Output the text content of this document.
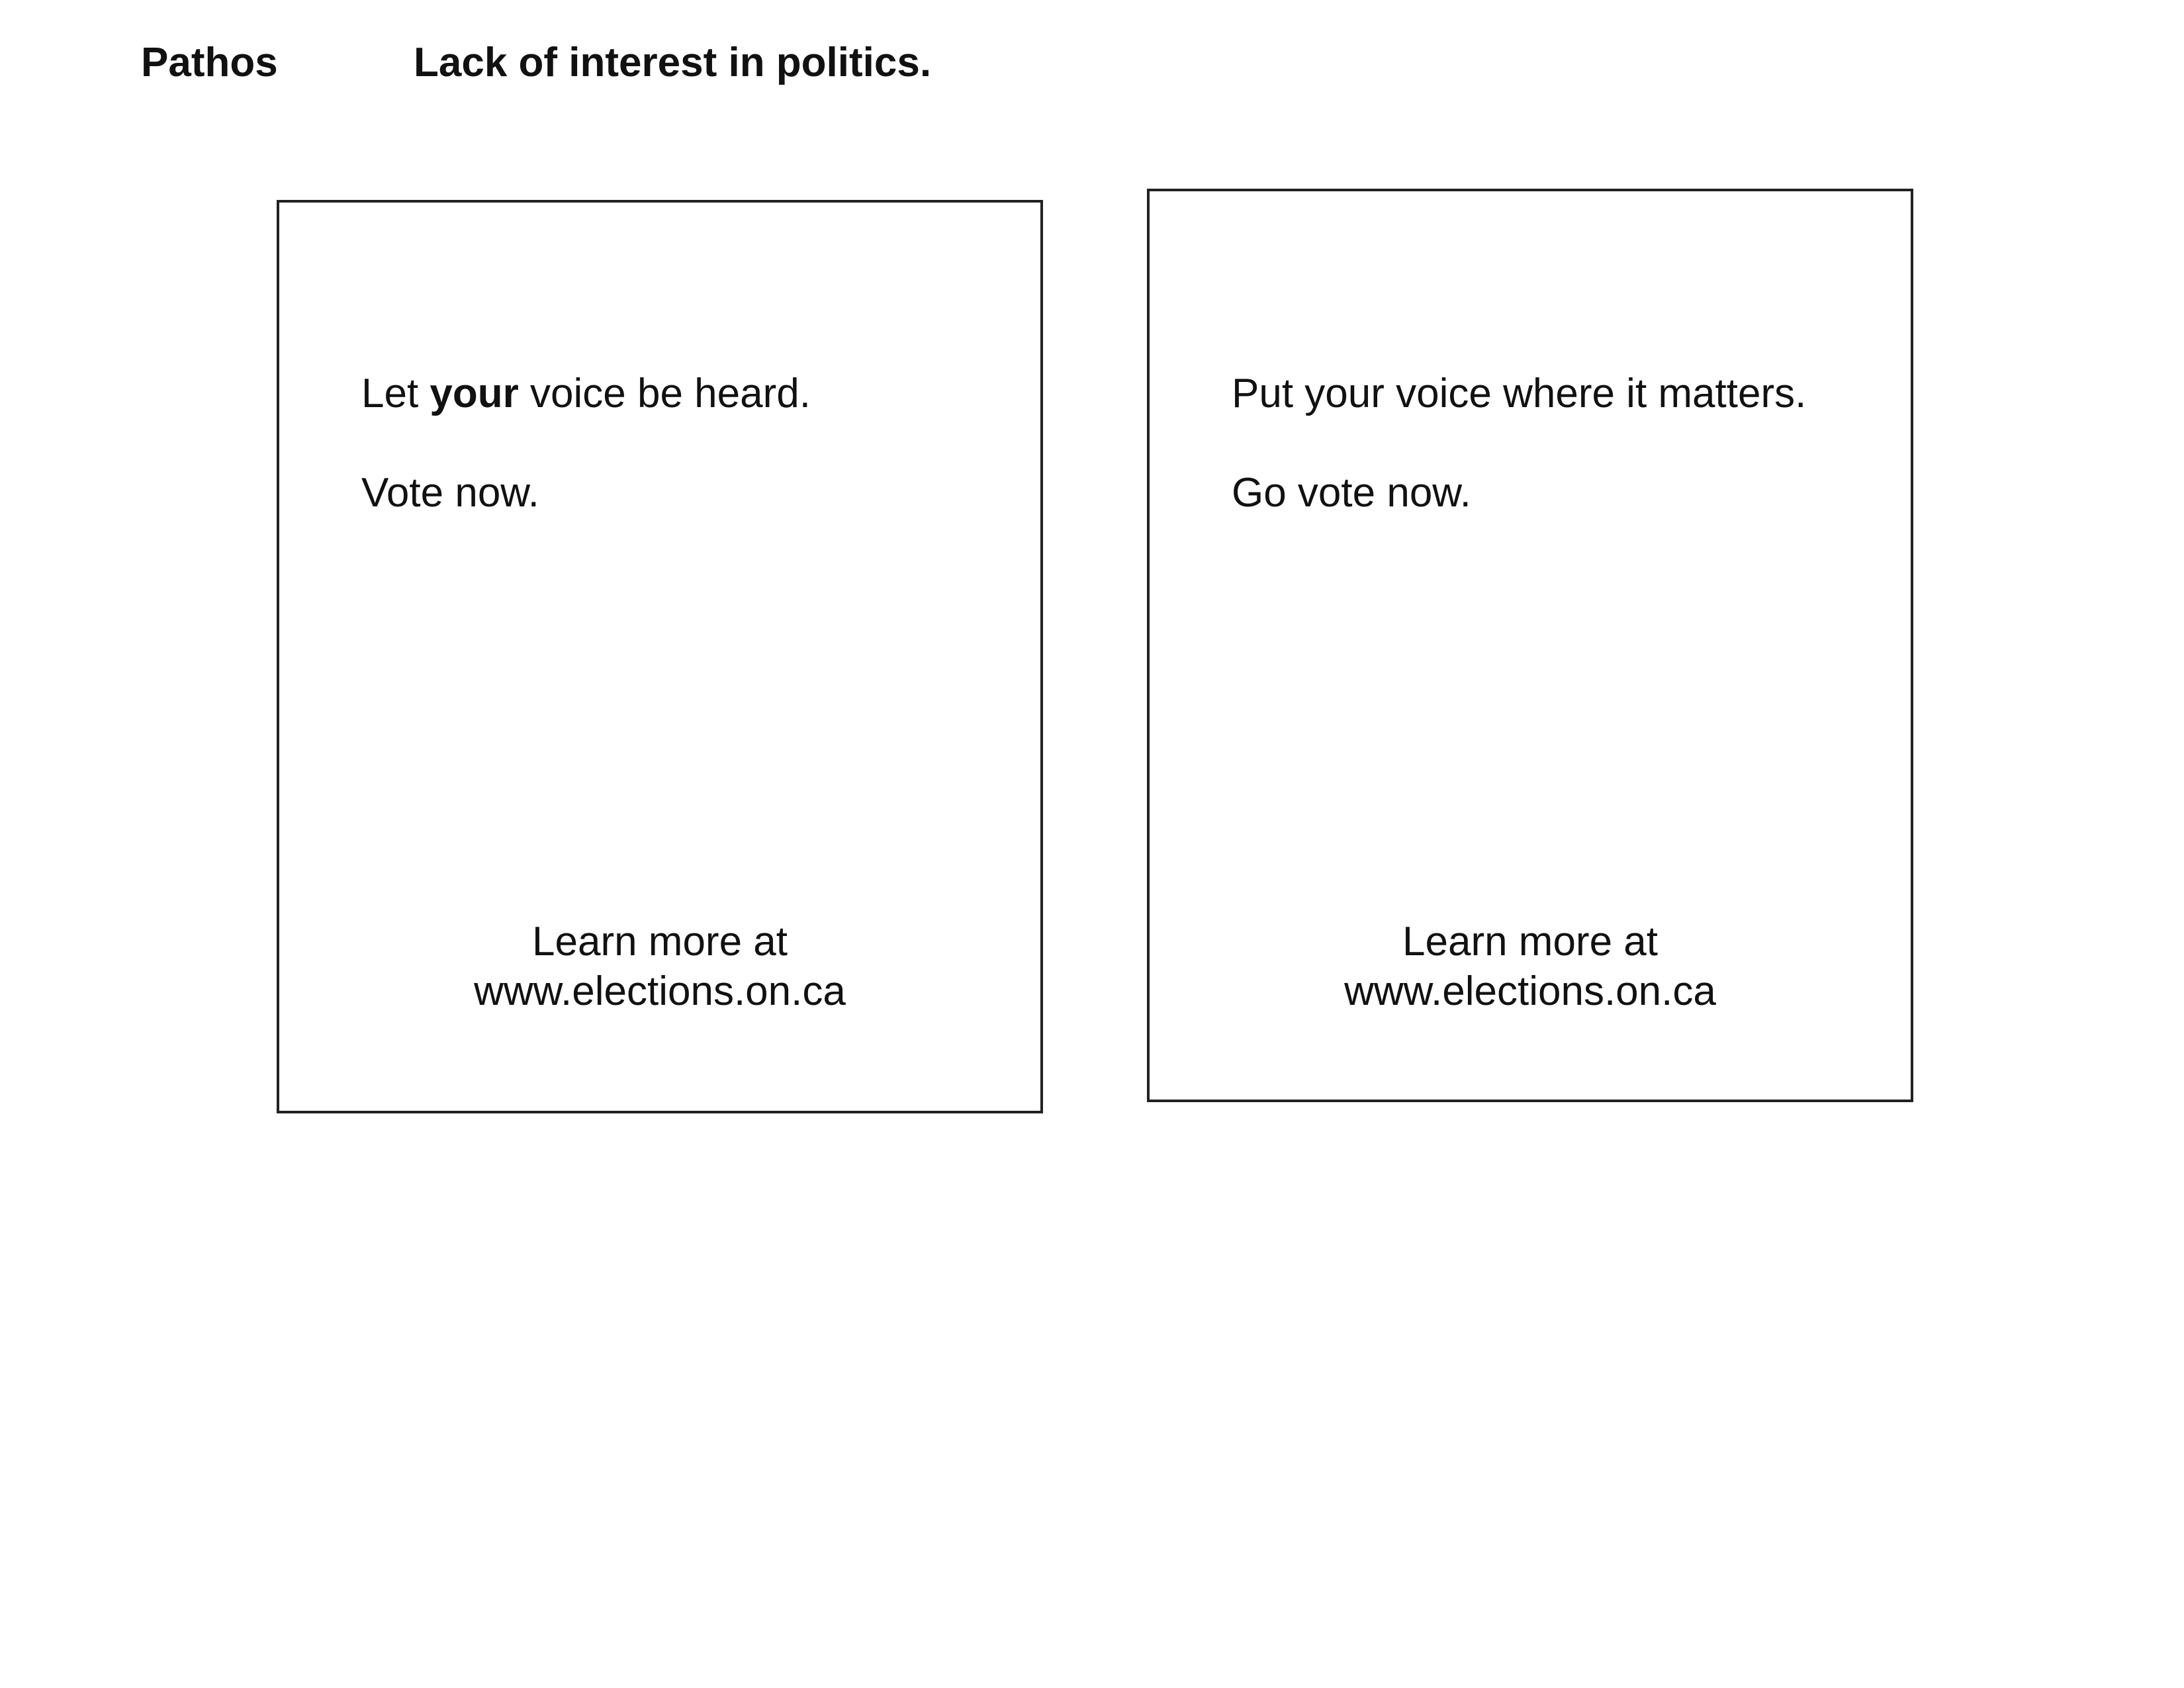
Pathos	Lack of interest in politics.
Let your voice be heard.
Vote now.
Learn more at
www.elections.on.ca
Put your voice where it matters.
Go vote now.
Learn more at
www.elections.on.ca
